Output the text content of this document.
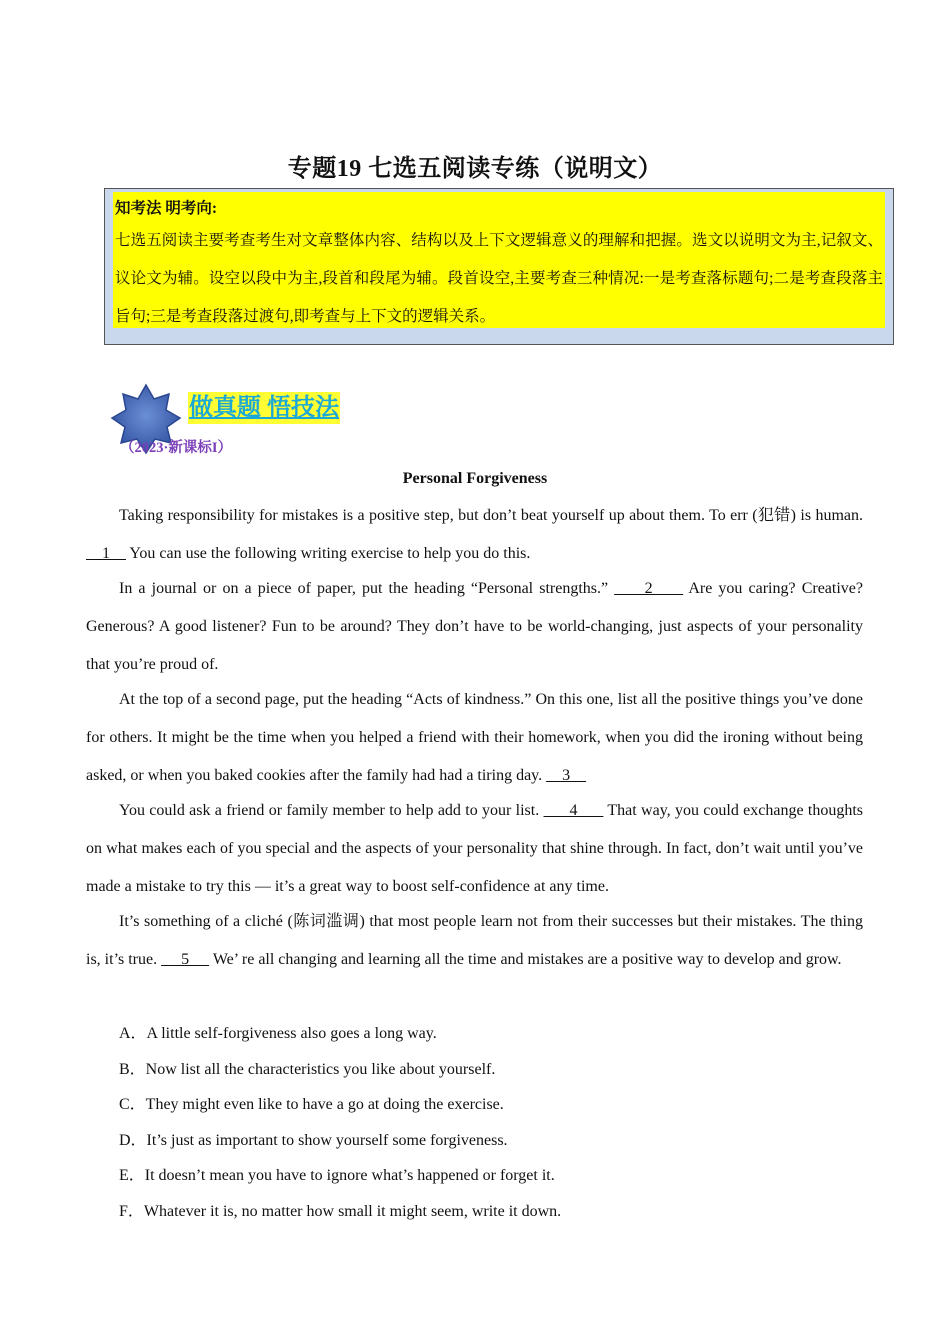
专题19 七选五阅读专练（说明文）
知考法 明考向:
七选五阅读主要考查考生对文章整体内容、结构以及上下文逻辑意义的理解和把握。选文以说明文为主,记叙文、议论文为辅。设空以段中为主,段首和段尾为辅。段首设空,主要考查三种情况:一是考查落标题句;二是考查段落主旨句;三是考查段落过渡句,即考查与上下文的逻辑关系。
做真题 悟技法
（2023·新课标I）
Personal Forgiveness

Taking responsibility for mistakes is a positive step, but don’t beat yourself up about them. To err (犯错) is human.     1     You can use the following writing exercise to help you do this.

In a journal or on a piece of paper, put the heading “Personal strengths.”      2      Are you caring? Creative? Generous? A good listener? Fun to be around? They don’t have to be world-changing, just aspects of your personality that you’re proud of.

At the top of a second page, put the heading “Acts of kindness.” On this one, list all the positive things you’ve done for others. It might be the time when you helped a friend with their homework, when you did the ironing without being asked, or when you baked cookies after the family had had a tiring day.     3

You could ask a friend or family member to help add to your list.       4       That way, you could exchange thoughts on what makes each of you special and the aspects of your personality that shine through. In fact, don’t wait until you’ve made a mistake to try this — it’s a great way to boost self-confidence at any time.

It’s something of a cliché (陈词滥调) that most people learn not from their successes but their mistakes. The thing is, it’s true.      5      We’ re all changing and learning all the time and mistakes are a positive way to develop and grow.

A．A little self-forgiveness also goes a long way.
B．Now list all the characteristics you like about yourself.
C．They might even like to have a go at doing the exercise.
D．It’s just as important to show yourself some forgiveness.
E．It doesn’t mean you have to ignore what’s happened or forget it.
F．Whatever it is, no matter how small it might seem, write it down.
